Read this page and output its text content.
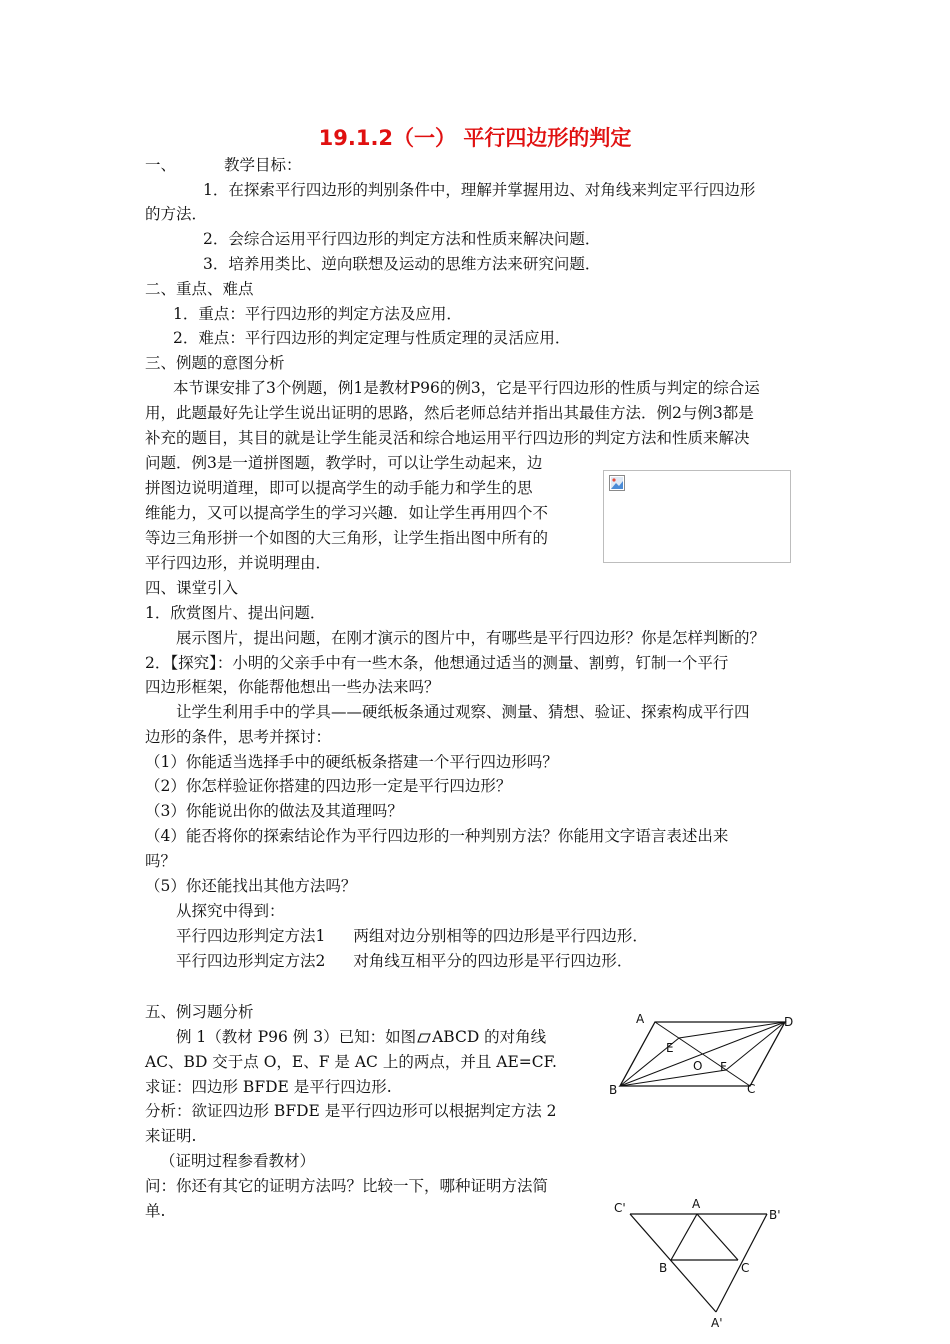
19.1.2（一） 平行四边形的判定
一、	教学目标：
1．在探索平行四边形的判别条件中，理解并掌握用边、对角线来判定平行四边形
的方法．
2．会综合运用平行四边形的判定方法和性质来解决问题．
3．培养用类比、逆向联想及运动的思维方法来研究问题．
二、重点、难点
1．重点：平行四边形的判定方法及应用．
2．难点：平行四边形的判定定理与性质定理的灵活应用．
三、例题的意图分析
本节课安排了3个例题，例1是教材P96的例3，它是平行四边形的性质与判定的综合运
用，此题最好先让学生说出证明的思路，然后老师总结并指出其最佳方法．例2与例3都是
补充的题目，其目的就是让学生能灵活和综合地运用平行四边形的判定方法和性质来解决
问题．例3是一道拼图题，教学时，可以让学生动起来，边
拼图边说明道理，即可以提高学生的动手能力和学生的思
维能力，又可以提高学生的学习兴趣．如让学生再用四个不
等边三角形拼一个如图的大三角形，让学生指出图中所有的
平行四边形，并说明理由．
四、课堂引入
1．欣赏图片、提出问题．
展示图片，提出问题，在刚才演示的图片中，有哪些是平行四边形？你是怎样判断的？
2．【探究】：小明的父亲手中有一些木条，他想通过适当的测量、割剪，钉制一个平行
四边形框架，你能帮他想出一些办法来吗？
让学生利用手中的学具——硬纸板条通过观察、测量、猜想、验证、探索构成平行四
边形的条件，思考并探讨：
（1）你能适当选择手中的硬纸板条搭建一个平行四边形吗？
（2）你怎样验证你搭建的四边形一定是平行四边形？
（3）你能说出你的做法及其道理吗？
（4）能否将你的探索结论作为平行四边形的一种判别方法？你能用文字语言表述出来
吗？
（5）你还能找出其他方法吗？
从探究中得到：
平行四边形判定方法1 两组对边分别相等的四边形是平行四边形．
平行四边形判定方法2 对角线互相平分的四边形是平行四边形．
五、例习题分析
例 1（教材 P96 例 3）已知：如图 ABCD 的对角线
AC、BD 交于点 O，E、F 是 AC 上的两点，并且 AE=CF.
求证：四边形 BFDE 是平行四边形.
分析：欲证四边形 BFDE 是平行四边形可以根据判定方法 2
来证明.
（证明过程参看教材）
问：你还有其它的证明方法吗？比较一下，哪种证明方法简
单.
A	D
B	C
E
F
O
C'	A
B'
B	C
A'
